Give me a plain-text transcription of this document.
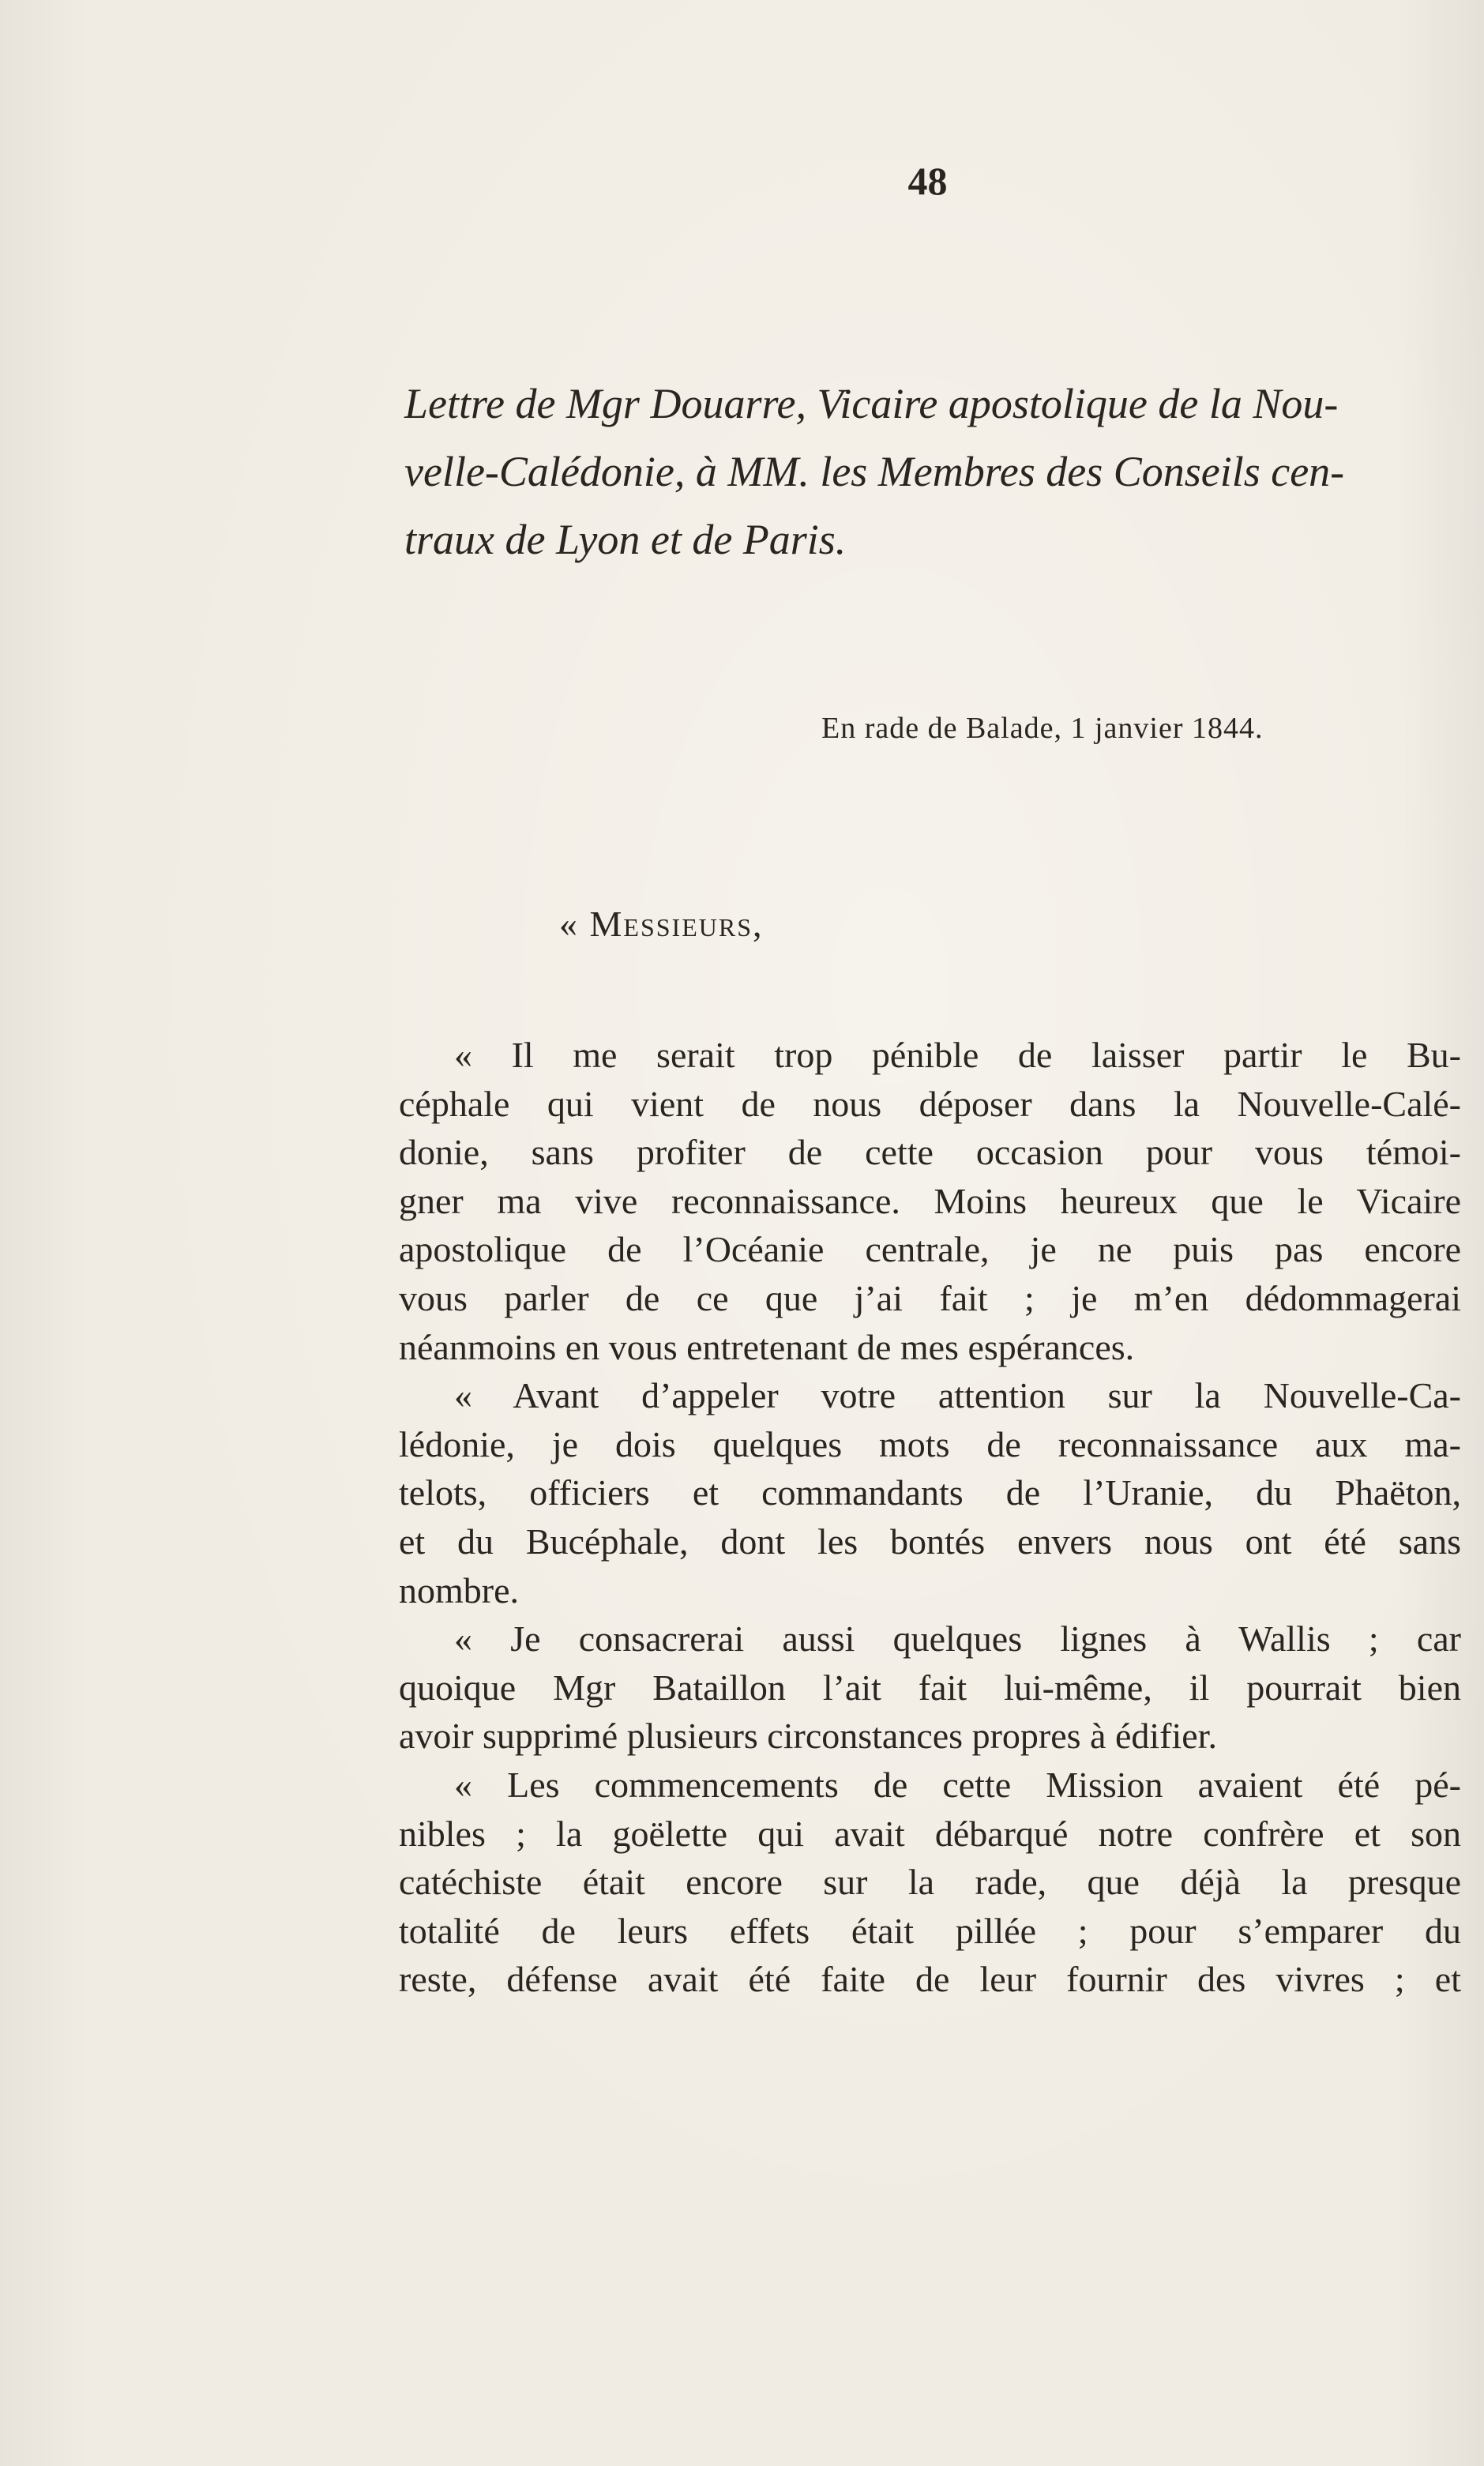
48
Lettre de Mgr Douarre, Vicaire apostolique de la Nou-
velle-Calédonie, à MM. les Membres des Conseils cen-
traux de Lyon et de Paris.
En rade de Balade, 1 janvier 1844.
« Messieurs,
« Il me serait trop pénible de laisser partir le Bu-
céphale qui vient de nous déposer dans la Nouvelle-Calé-
donie, sans profiter de cette occasion pour vous témoi-
gner ma vive reconnaissance. Moins heureux que le Vicaire
apostolique de l’Océanie centrale, je ne puis pas encore
vous parler de ce que j’ai fait ; je m’en dédommagerai
néanmoins en vous entretenant de mes espérances.
« Avant d’appeler votre attention sur la Nouvelle-Ca-
lédonie, je dois quelques mots de reconnaissance aux ma-
telots, officiers et commandants de l’Uranie, du Phaëton,
et du Bucéphale, dont les bontés envers nous ont été sans
nombre.
« Je consacrerai aussi quelques lignes à Wallis ; car
quoique Mgr Bataillon l’ait fait lui-même, il pourrait bien
avoir supprimé plusieurs circonstances propres à édifier.
« Les commencements de cette Mission avaient été pé-
nibles ; la goëlette qui avait débarqué notre confrère et son
catéchiste était encore sur la rade, que déjà la presque
totalité de leurs effets était pillée ; pour s’emparer du
reste, défense avait été faite de leur fournir des vivres ; et
